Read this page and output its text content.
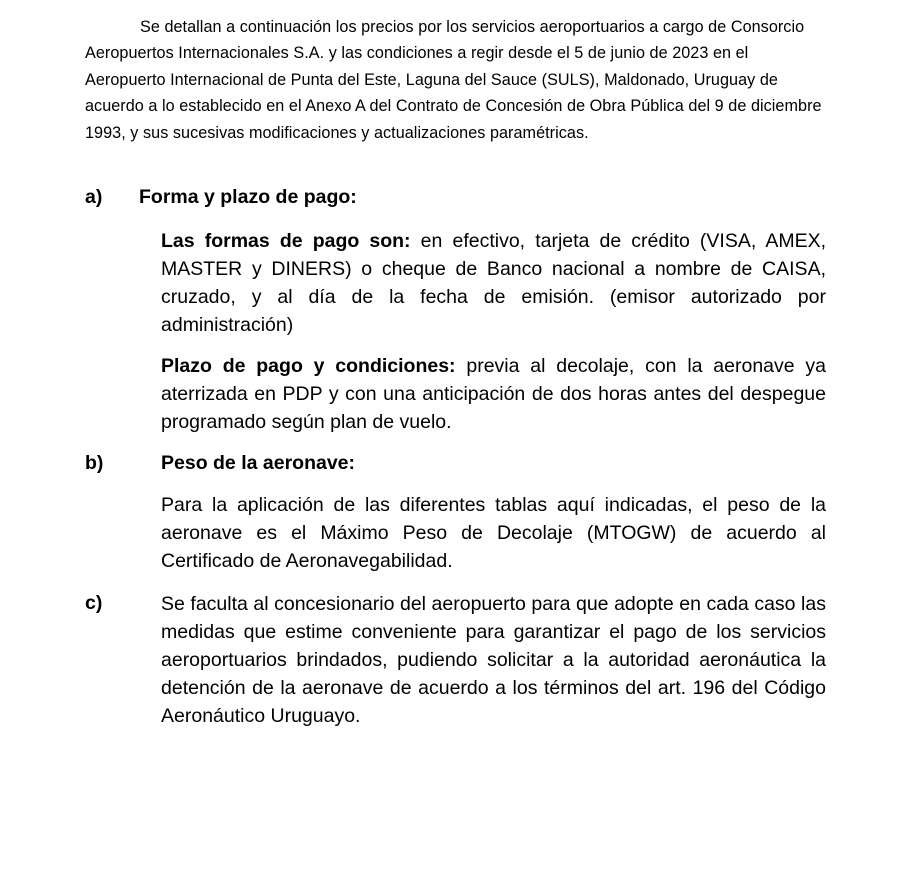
Se detallan a continuación los precios por los servicios aeroportuarios a cargo de Consorcio Aeropuertos Internacionales S.A. y las condiciones a regir desde el 5 de junio de 2023 en el Aeropuerto Internacional de Punta del Este, Laguna del Sauce (SULS), Maldonado, Uruguay de acuerdo a lo establecido en el Anexo A del Contrato de Concesión de Obra Pública del 9 de diciembre 1993, y sus sucesivas modificaciones y actualizaciones paramétricas.

a) Forma y plazo de pago:

Las formas de pago son: en efectivo, tarjeta de crédito (VISA, AMEX, MASTER y DINERS) o cheque de Banco nacional a nombre de CAISA, cruzado, y al día de la fecha de emisión. (emisor autorizado por administración)

Plazo de pago y condiciones: previa al decolaje, con la aeronave ya aterrizada en PDP y con una anticipación de dos horas antes del despegue programado según plan de vuelo.

b)	Peso de la aeronave:

Para la aplicación de las diferentes tablas aquí indicadas, el peso de la aeronave es el Máximo Peso de Decolaje (MTOGW) de acuerdo al Certificado de Aeronavegabilidad.

c)	Se faculta al concesionario del aeropuerto para que adopte en cada caso las medidas que estime conveniente para garantizar el pago de los servicios aeroportuarios brindados, pudiendo solicitar a la autoridad aeronáutica la detención de la aeronave de acuerdo a los términos del art. 196 del Código Aeronáutico Uruguayo.
